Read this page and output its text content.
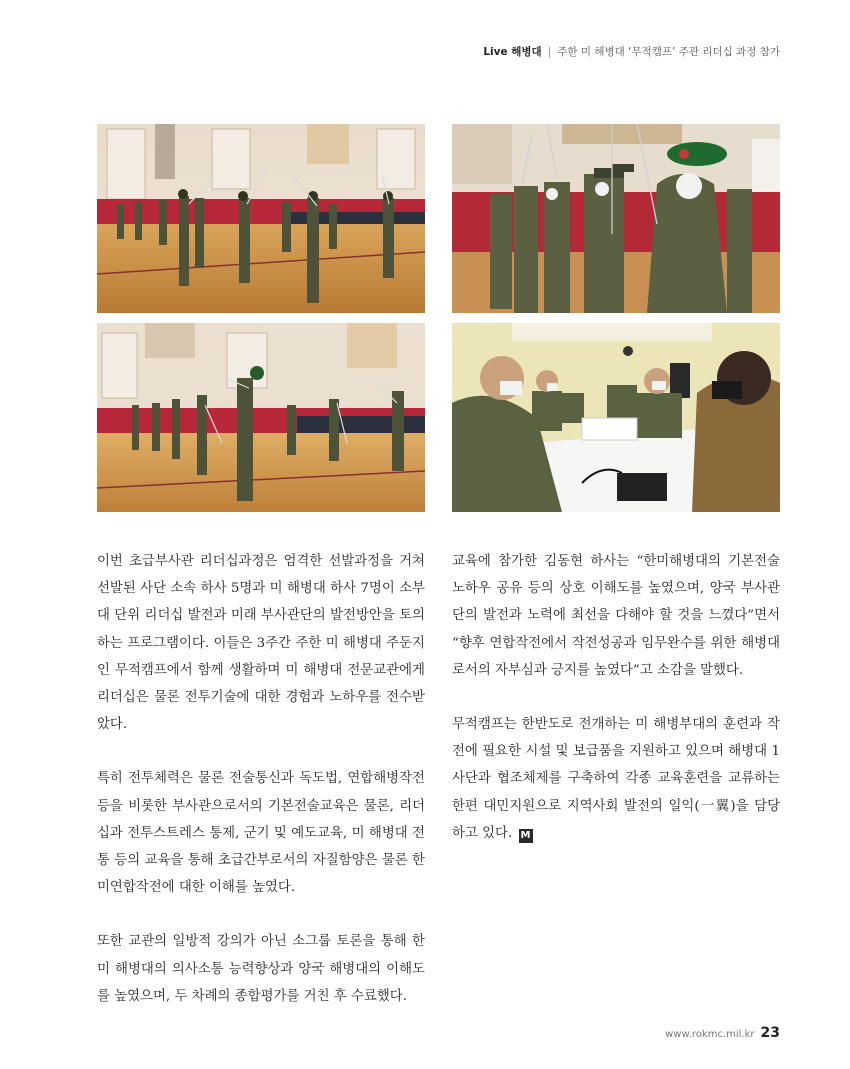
Live 해병대 | 주한 미 해병대 ‘무적캠프’ 주관 리더십 과정 참가

이번 초급부사관 리더십과정은 엄격한 선발과정을 거쳐 선발된 사단 소속 하사 5명과 미 해병대 하사 7명이 소부대 단위 리더십 발전과 미래 부사관단의 발전방안을 토의하는 프로그램이다. 이들은 3주간 주한 미 해병대 주둔지인 무적캠프에서 함께 생활하며 미 해병대 전문교관에게 리더십은 물론 전투기술에 대한 경험과 노하우를 전수받았다.

특히 전투체력은 물론 전술통신과 독도법, 연합해병작전 등을 비롯한 부사관으로서의 기본전술교육은 물론, 리더십과 전투스트레스 통제, 군기 및 예도교육, 미 해병대 전통 등의 교육을 통해 초급간부로서의 자질함양은 물론 한미연합작전에 대한 이해를 높였다.

또한 교관의 일방적 강의가 아닌 소그룹 토론을 통해 한미 해병대의 의사소통 능력향상과 양국 해병대의 이해도를 높였으며, 두 차례의 종합평가를 거친 후 수료했다.

교육에 참가한 김동현 하사는 “한미해병대의 기본전술 노하우 공유 등의 상호 이해도를 높였으며, 양국 부사관단의 발전과 노력에 최선을 다해야 할 것을 느꼈다”면서 “향후 연합작전에서 작전성공과 임무완수를 위한 해병대로서의 자부심과 긍지를 높였다”고 소감을 말했다.

무적캠프는 한반도로 전개하는 미 해병부대의 훈련과 작전에 필요한 시설 및 보급품을 지원하고 있으며 해병대 1사단과 협조체제를 구축하여 각종 교육훈련을 교류하는 한편 대민지원으로 지역사회 발전의 일익(一翼)을 담당하고 있다. M

www.rokmc.mil.kr 23
